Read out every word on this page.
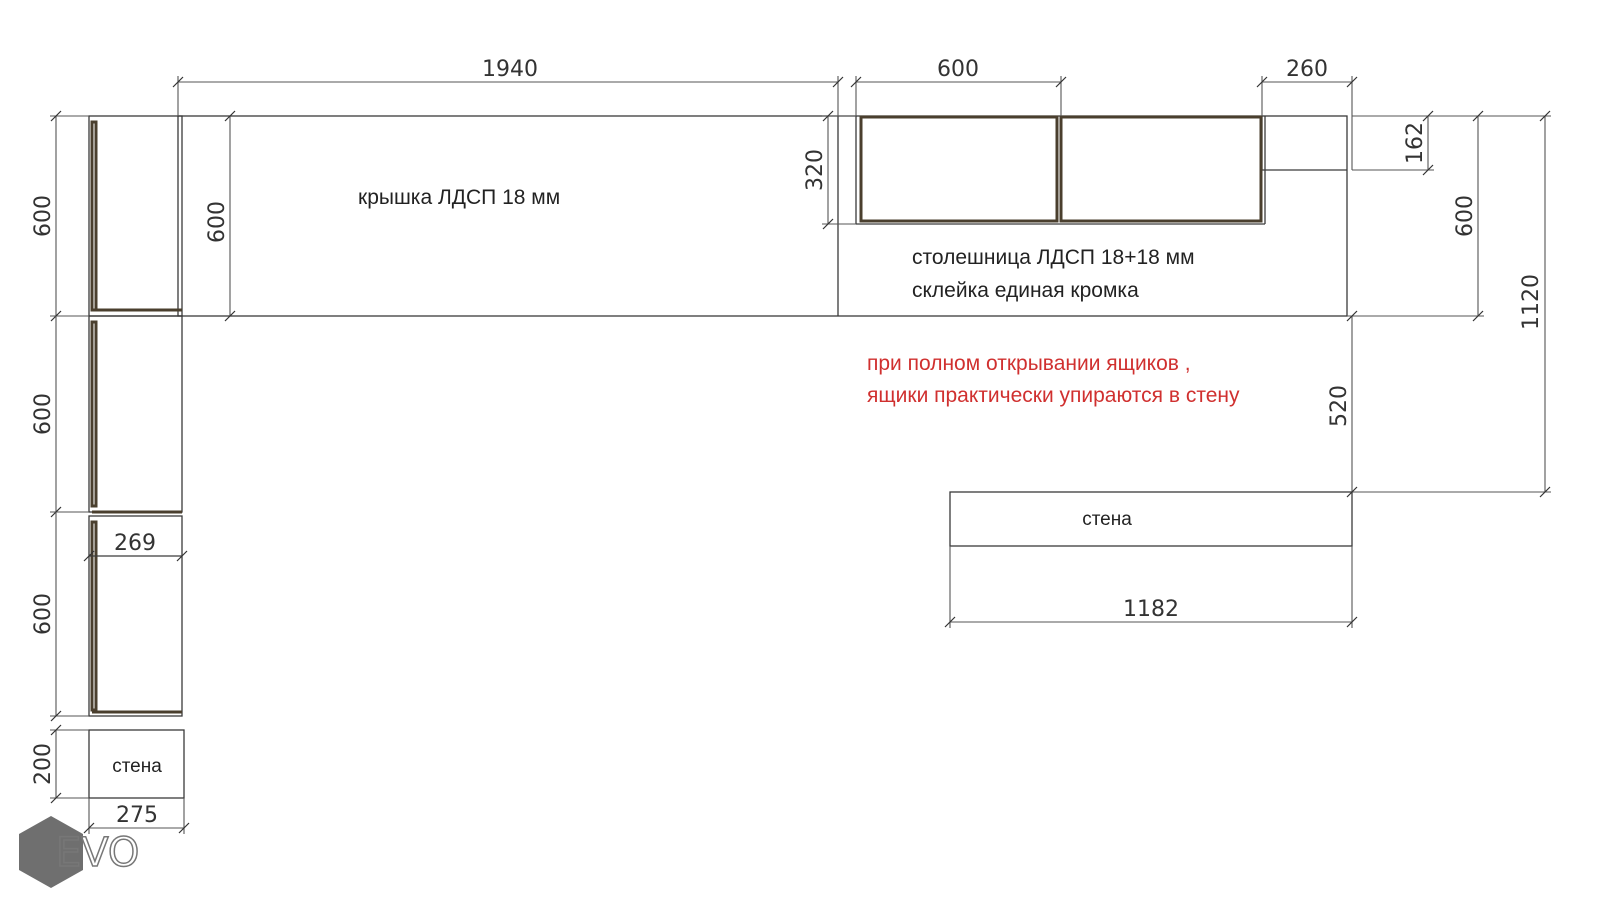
1940	600	260
600
600
600
200
600
320
162
600
1120
520
269
275
1182
крышка ЛДСП 18 мм
столешница ЛДСП 18+18 мм
склейка единая кромка
стена
стена
при полном открывании ящиков ,
ящики практически упираются в стену
EVO
